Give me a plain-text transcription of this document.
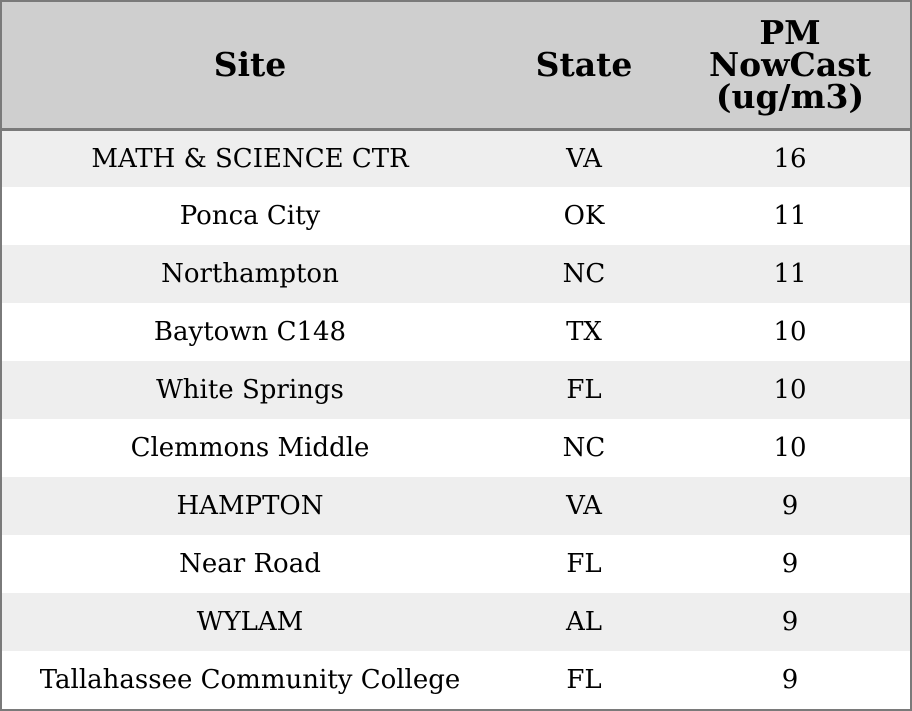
Site	State	PM
NowCast
(ug/m3)

MATH & SCIENCE CTR	VA	16
Ponca City	OK	11
Northampton	NC	11
Baytown C148	TX	10
White Springs	FL	10
Clemmons Middle	NC	10
HAMPTON	VA	9
Near Road	FL	9
WYLAM	AL	9
Tallahassee Community College	FL	9
